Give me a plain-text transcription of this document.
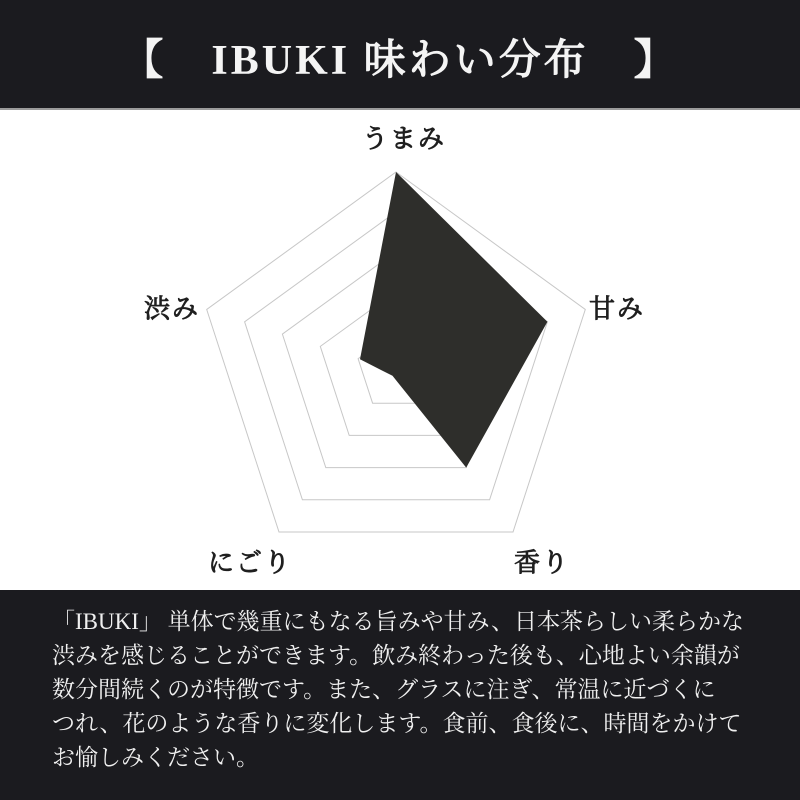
【　IBUKI 味わい分布　】
うまみ
甘み
香り
にごり
渋み
「IBUKI」 単体で幾重にもなる旨みや甘み、日本茶らしい柔らかな
渋みを感じることができます。飲み終わった後も、心地よい余韻が
数分間続くのが特徴です。また、グラスに注ぎ、常温に近づくに
つれ、花のような香りに変化します。食前、食後に、時間をかけて
お愉しみください。
